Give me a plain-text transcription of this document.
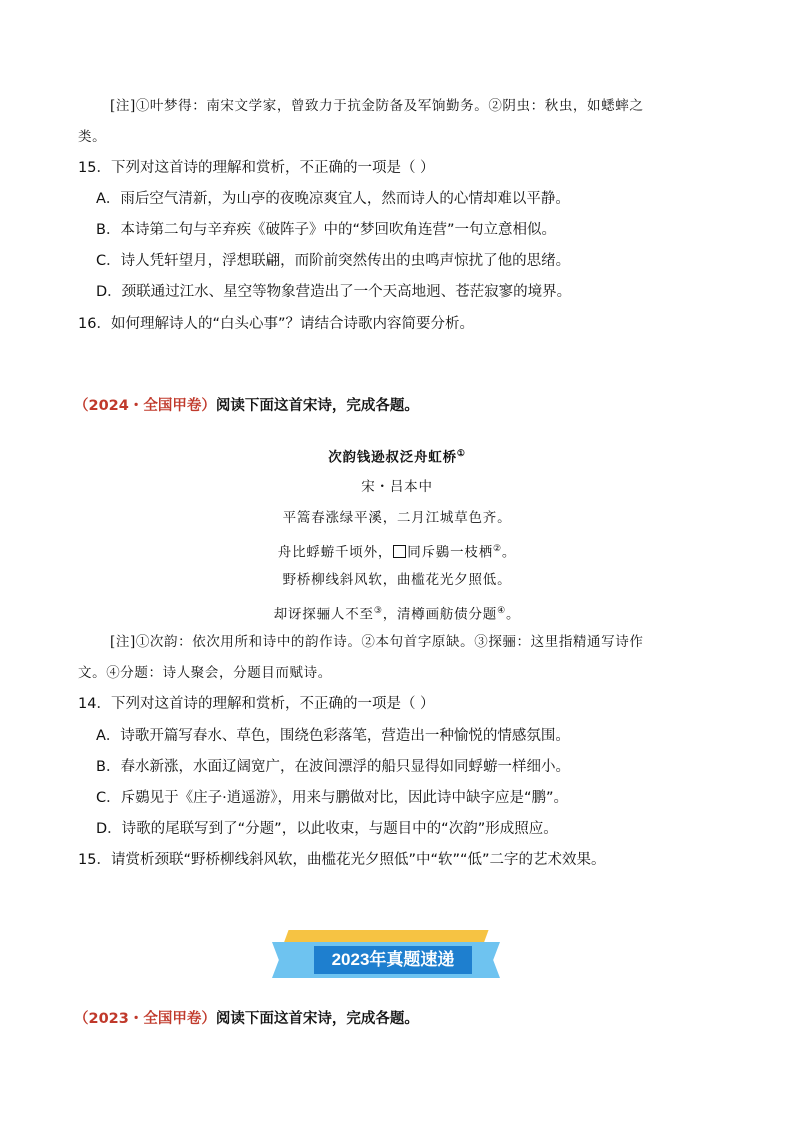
[注]①叶梦得：南宋文学家，曾致力于抗金防备及军饷勤务。②阴虫：秋虫，如蟋蟀之
类。
15．下列对这首诗的理解和赏析，不正确的一项是（ ）
A．雨后空气清新，为山亭的夜晚凉爽宜人，然而诗人的心情却难以平静。
B．本诗第二句与辛弃疾《破阵子》中的“梦回吹角连营”一句立意相似。
C．诗人凭轩望月，浮想联翩，而阶前突然传出的虫鸣声惊扰了他的思绪。
D．颈联通过江水、星空等物象营造出了一个天高地迥、苍茫寂寥的境界。
16．如何理解诗人的“白头心事”？请结合诗歌内容简要分析。
（2024・全国甲卷）阅读下面这首宋诗，完成各题。
次韵钱逊叔泛舟虹桥①
宋・吕本中
平篙春涨绿平溪，二月江城草色齐。
舟比蜉蝣千顷外， 同斥鷃一枝栖②。
野桥柳线斜风软，曲槛花光夕照低。
却讶探骊人不至③，清樽画舫债分题④。
[注]①次韵：依次用所和诗中的韵作诗。②本句首字原缺。③探骊：这里指精通写诗作
文。④分题：诗人聚会，分题目而赋诗。
14．下列对这首诗的理解和赏析，不正确的一项是（ ）
A．诗歌开篇写春水、草色，围绕色彩落笔，营造出一种愉悦的情感氛围。
B．春水新涨，水面辽阔宽广，在波间漂浮的船只显得如同蜉蝣一样细小。
C．斥鷃见于《庄子·逍遥游》，用来与鹏做对比，因此诗中缺字应是“鹏”。
D．诗歌的尾联写到了“分题”，以此收束，与题目中的“次韵”形成照应。
15．请赏析颈联“野桥柳线斜风软，曲槛花光夕照低”中“软”“低”二字的艺术效果。
2023年真题速递
（2023・全国甲卷）阅读下面这首宋诗，完成各题。
